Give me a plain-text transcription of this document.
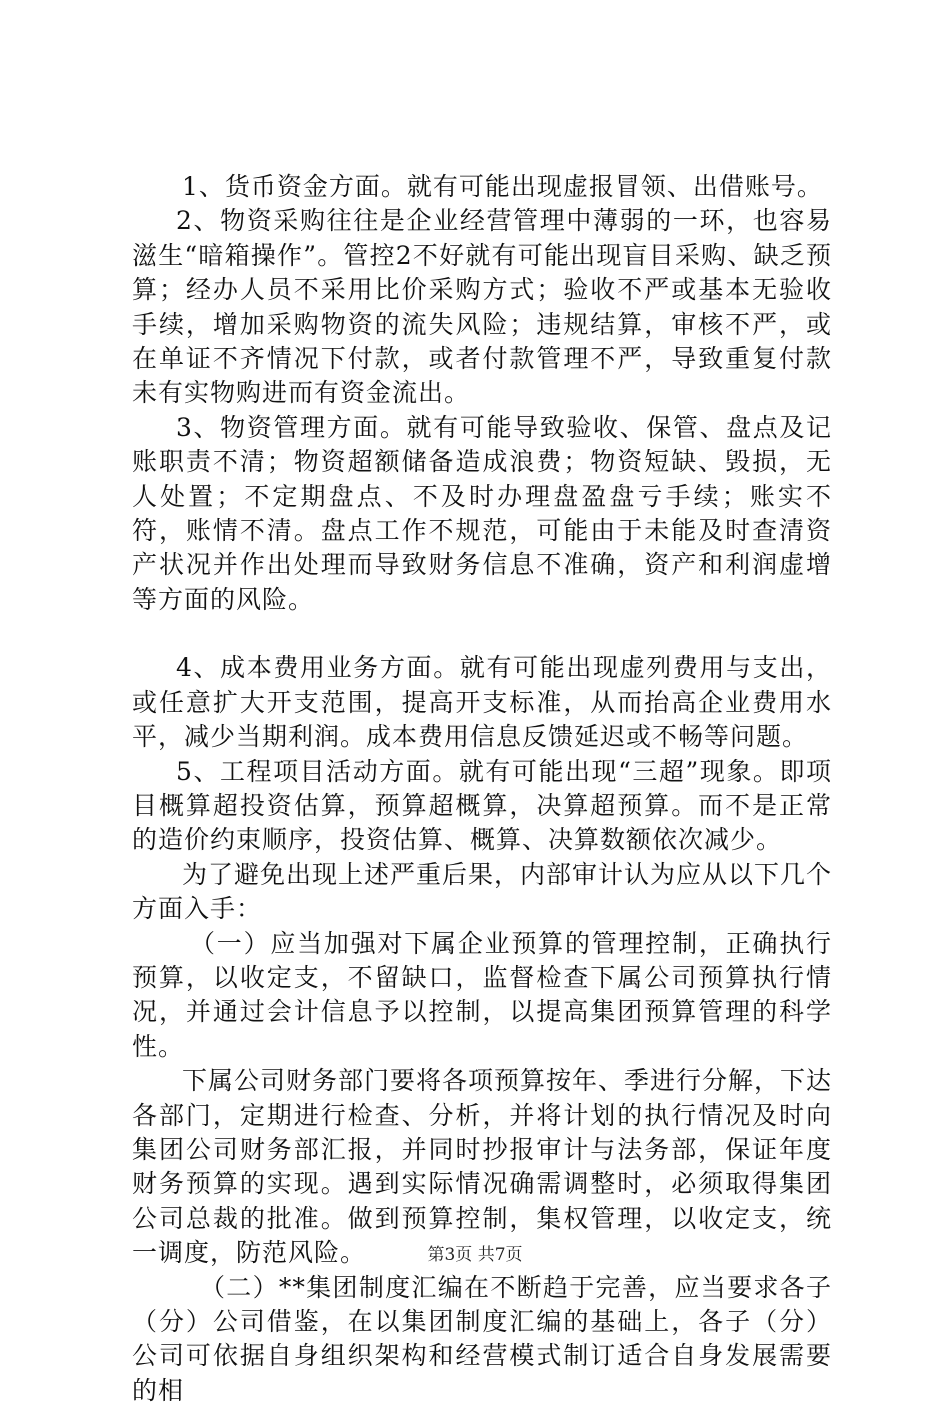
1、货币资金方面。就有可能出现虚报冒领、出借账号。

2、物资采购往往是企业经营管理中薄弱的一环，也容易滋生“暗箱操作”。管控2不好就有可能出现盲目采购、缺乏预算；经办人员不采用比价采购方式；验收不严或基本无验收手续，增加采购物资的流失风险；违规结算，审核不严，或在单证不齐情况下付款，或者付款管理不严，导致重复付款未有实物购进而有资金流出。

3、物资管理方面。就有可能导致验收、保管、盘点及记账职责不清；物资超额储备造成浪费；物资短缺、毁损，无人处置；不定期盘点、不及时办理盘盈盘亏手续；账实不符，账情不清。盘点工作不规范，可能由于未能及时查清资产状况并作出处理而导致财务信息不准确，资产和利润虚增等方面的风险。

4、成本费用业务方面。就有可能出现虚列费用与支出，或任意扩大开支范围，提高开支标准，从而抬高企业费用水平，减少当期利润。成本费用信息反馈延迟或不畅等问题。

5、工程项目活动方面。就有可能出现“三超”现象。即项目概算超投资估算，预算超概算，决算超预算。而不是正常的造价约束顺序，投资估算、概算、决算数额依次减少。

为了避免出现上述严重后果，内部审计认为应从以下几个方面入手：

（一）应当加强对下属企业预算的管理控制，正确执行预算，以收定支，不留缺口，监督检查下属公司预算执行情况，并通过会计信息予以控制，以提高集团预算管理的科学性。

下属公司财务部门要将各项预算按年、季进行分解，下达各部门，定期进行检查、分析，并将计划的执行情况及时向集团公司财务部汇报，并同时抄报审计与法务部，保证年度财务预算的实现。遇到实际情况确需调整时，必须取得集团公司总裁的批准。做到预算控制，集权管理，以收定支，统一调度，防范风险。

（二）**集团制度汇编在不断趋于完善，应当要求各子（分）公司借鉴，在以集团制度汇编的基础上，各子（分）公司可依据自身组织架构和经营模式制订适合自身发展需要的相

第3页 共7页
